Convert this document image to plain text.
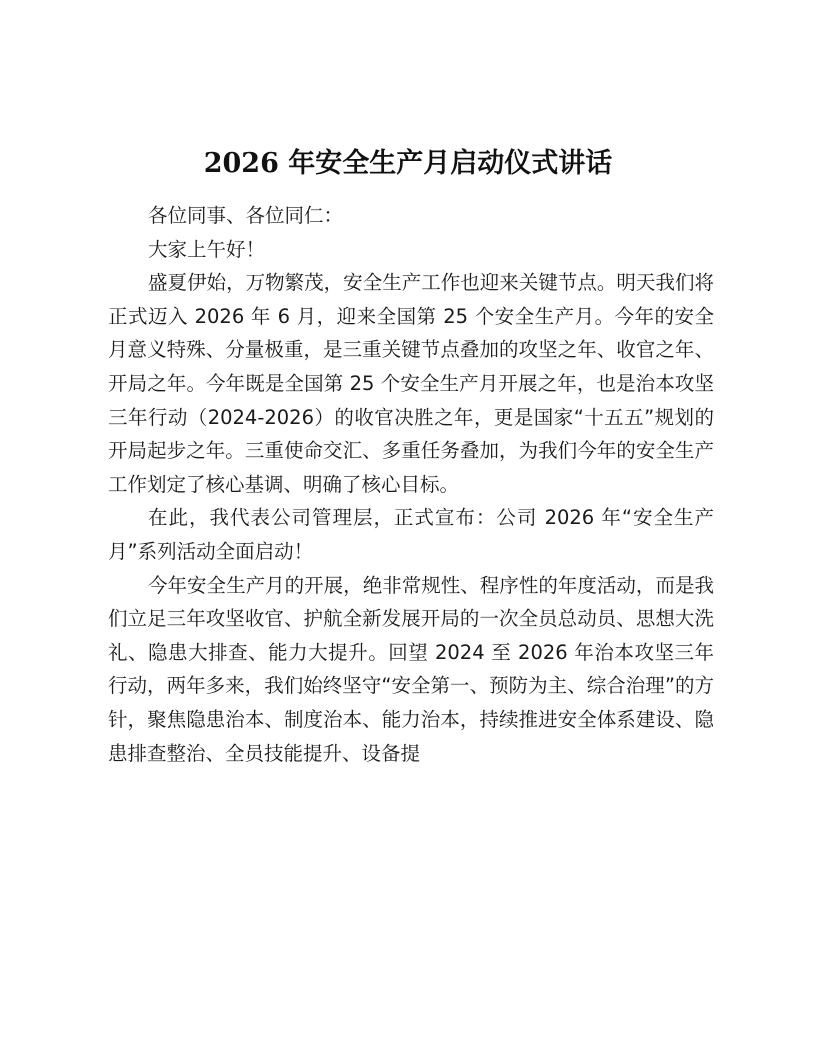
2026 年安全生产月启动仪式讲话

各位同事、各位同仁：

大家上午好！

盛夏伊始，万物繁茂，安全生产工作也迎来关键节点。明天我们将正式迈入 2026 年 6 月，迎来全国第 25 个安全生产月。今年的安全月意义特殊、分量极重，是三重关键节点叠加的攻坚之年、收官之年、开局之年。今年既是全国第 25 个安全生产月开展之年，也是治本攻坚三年行动（2024-2026）的收官决胜之年，更是国家“十五五”规划的开局起步之年。三重使命交汇、多重任务叠加，为我们今年的安全生产工作划定了核心基调、明确了核心目标。

在此，我代表公司管理层，正式宣布：公司 2026 年“安全生产月”系列活动全面启动！

今年安全生产月的开展，绝非常规性、程序性的年度活动，而是我们立足三年攻坚收官、护航全新发展开局的一次全员总动员、思想大洗礼、隐患大排查、能力大提升。回望 2024 至 2026 年治本攻坚三年行动，两年多来，我们始终坚守“安全第一、预防为主、综合治理”的方针，聚焦隐患治本、制度治本、能力治本，持续推进安全体系建设、隐患排查整治、全员技能提升、设备提
